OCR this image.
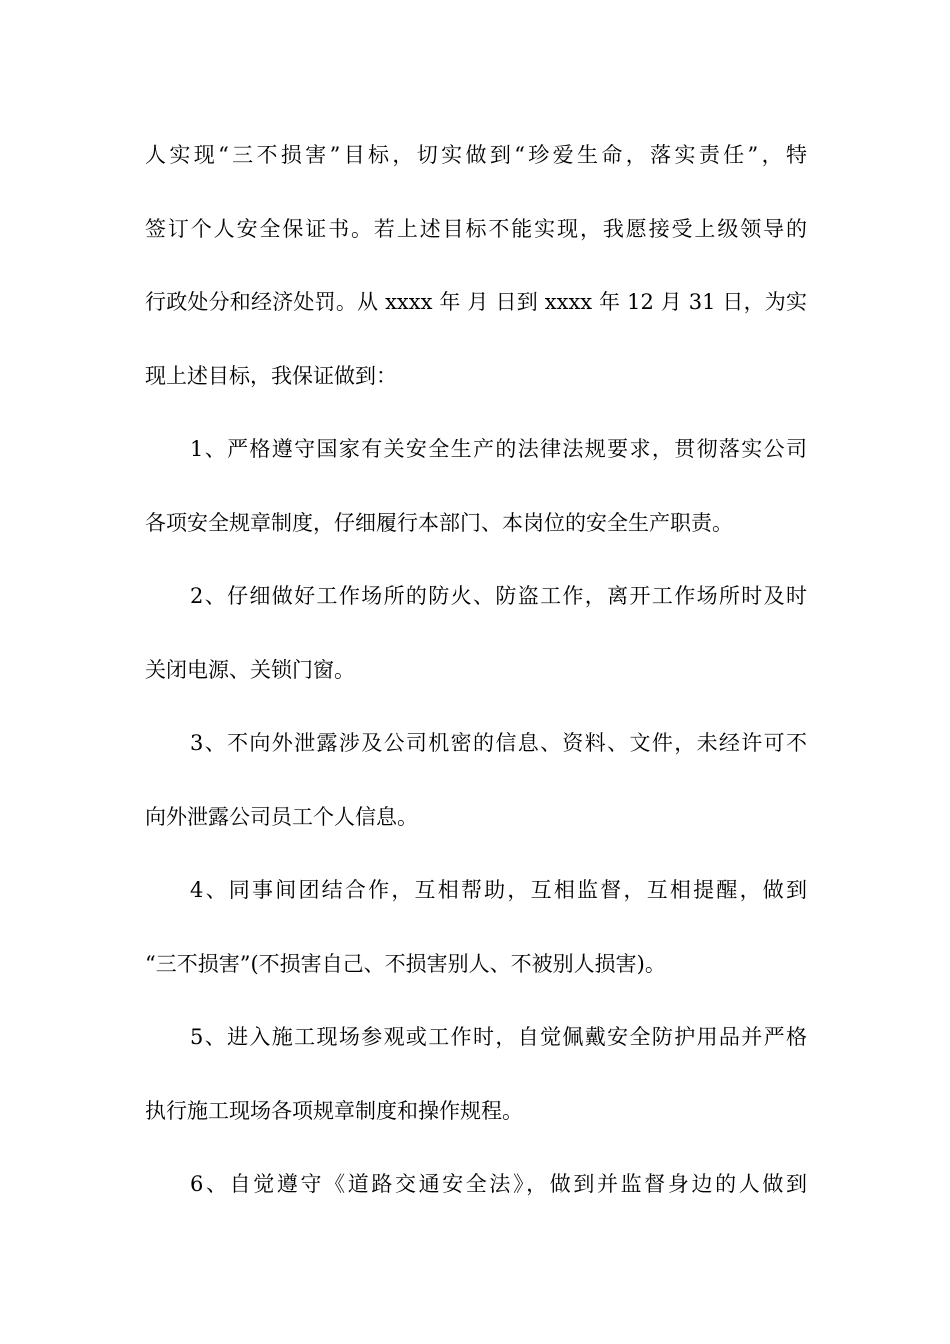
人实现“三不损害”目标，切实做到“珍爱生命，落实责任”，特
签订个人安全保证书。若上述目标不能实现，我愿接受上级领导的
行政处分和经济处罚。从 xxxx 年 月 日到 xxxx 年 12 月 31 日，为实
现上述目标，我保证做到：
1、严格遵守国家有关安全生产的法律法规要求，贯彻落实公司
各项安全规章制度，仔细履行本部门、本岗位的安全生产职责。
2、仔细做好工作场所的防火、防盗工作，离开工作场所时及时
关闭电源、关锁门窗。
3、不向外泄露涉及公司机密的信息、资料、文件，未经许可不
向外泄露公司员工个人信息。
4、同事间团结合作，互相帮助，互相监督，互相提醒，做到
“三不损害”(不损害自己、不损害别人、不被别人损害)。
5、进入施工现场参观或工作时，自觉佩戴安全防护用品并严格
执行施工现场各项规章制度和操作规程。
6、自觉遵守《道路交通安全法》，做到并监督身边的人做到
